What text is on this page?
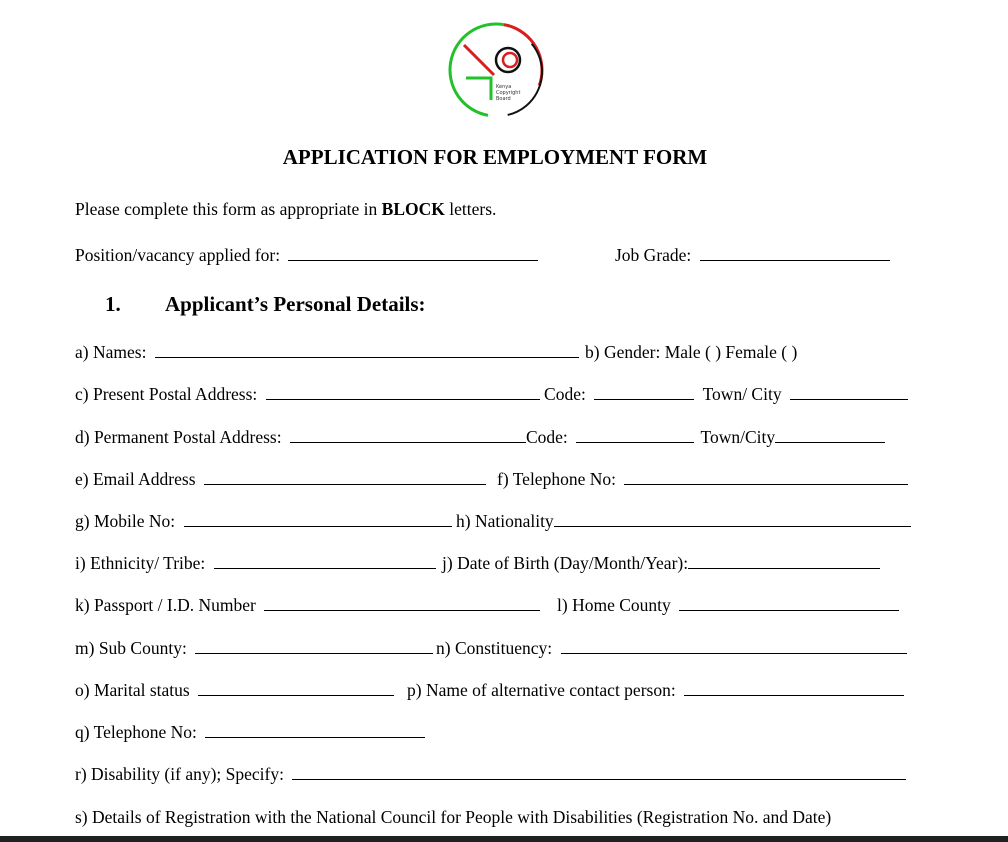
Kenya
Copyright
Board
APPLICATION FOR EMPLOYMENT FORM
Please complete this form as appropriate in BLOCK letters.
Position/vacancy applied for:	Job Grade:
1. Applicant’s Personal Details:
a) Names:	b) Gender: Male ( ) Female ( )
c) Present Postal Address:	Code:	Town/ City
d) Permanent Postal Address:	Code:	Town/City
e) Email Address	f) Telephone No:
g) Mobile No:	h) Nationality
i) Ethnicity/ Tribe:	j) Date of Birth (Day/Month/Year):
k) Passport / I.D. Number	l) Home County
m) Sub County:	n) Constituency:
o) Marital status	p) Name of alternative contact person:
q) Telephone No:
r) Disability (if any); Specify:
s) Details of Registration with the National Council for People with Disabilities (Registration No. and Date)
